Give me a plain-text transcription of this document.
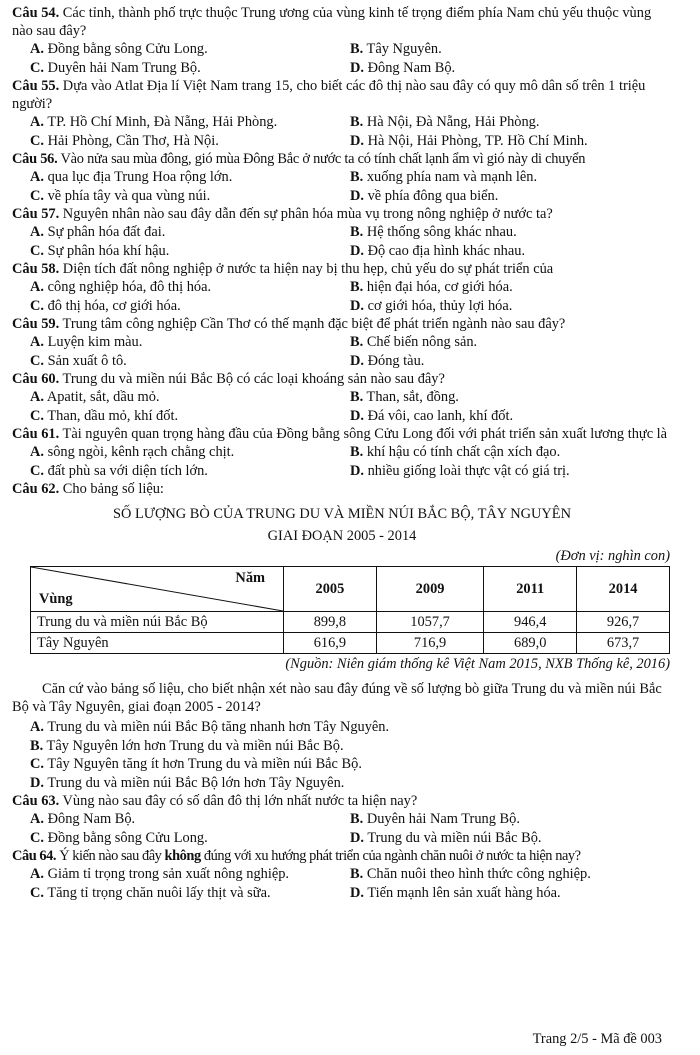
Câu 54. Các tỉnh, thành phố trực thuộc Trung ương của vùng kinh tế trọng điểm phía Nam chủ yếu thuộc vùng nào sau đây?

A. Đồng bằng sông Cửu Long.	B. Tây Nguyên.
C. Duyên hải Nam Trung Bộ.	D. Đông Nam Bộ.

Câu 55. Dựa vào Atlat Địa lí Việt Nam trang 15, cho biết các đô thị nào sau đây có quy mô dân số trên 1 triệu người?

A. TP. Hồ Chí Minh, Đà Nẵng, Hải Phòng.	B. Hà Nội, Đà Nẵng, Hải Phòng.
C. Hải Phòng, Cần Thơ, Hà Nội.	D. Hà Nội, Hải Phòng, TP. Hồ Chí Minh.

Câu 56. Vào nửa sau mùa đông, gió mùa Đông Bắc ở nước ta có tính chất lạnh ẩm vì gió này di chuyển

A. qua lục địa Trung Hoa rộng lớn.	B. xuống phía nam và mạnh lên.
C. về phía tây và qua vùng núi.	D. về phía đông qua biển.

Câu 57. Nguyên nhân nào sau đây dẫn đến sự phân hóa mùa vụ trong nông nghiệp ở nước ta?

A. Sự phân hóa đất đai.	B. Hệ thống sông khác nhau.
C. Sự phân hóa khí hậu.	D. Độ cao địa hình khác nhau.

Câu 58. Diện tích đất nông nghiệp ở nước ta hiện nay bị thu hẹp, chủ yếu do sự phát triển của

A. công nghiệp hóa, đô thị hóa.	B. hiện đại hóa, cơ giới hóa.
C. đô thị hóa, cơ giới hóa.	D. cơ giới hóa, thủy lợi hóa.

Câu 59. Trung tâm công nghiệp Cần Thơ có thế mạnh đặc biệt để phát triển ngành nào sau đây?

A. Luyện kim màu.	B. Chế biến nông sản.
C. Sản xuất ô tô.	D. Đóng tàu.

Câu 60. Trung du và miền núi Bắc Bộ có các loại khoáng sản nào sau đây?

A. Apatit, sắt, dầu mỏ.	B. Than, sắt, đồng.
C. Than, dầu mỏ, khí đốt.	D. Đá vôi, cao lanh, khí đốt.

Câu 61. Tài nguyên quan trọng hàng đầu của Đồng bằng sông Cửu Long đối với phát triển sản xuất lương thực là

A. sông ngòi, kênh rạch chằng chịt.	B. khí hậu có tính chất cận xích đạo.
C. đất phù sa với diện tích lớn.	D. nhiều giống loài thực vật có giá trị.

Câu 62. Cho bảng số liệu:

SỐ LƯỢNG BÒ CỦA TRUNG DU VÀ MIỀN NÚI BẮC BỘ, TÂY NGUYÊN
GIAI ĐOẠN 2005 - 2014
(Đơn vị: nghìn con)
Năm
Vùng	2005	2009	2011	2014
Trung du và miền núi Bắc Bộ	899,8	1057,7	946,4	926,7
Tây Nguyên	616,9	716,9	689,0	673,7
(Nguồn: Niên giám thống kê Việt Nam 2015, NXB Thống kê, 2016)

Căn cứ vào bảng số liệu, cho biết nhận xét nào sau đây đúng về số lượng bò giữa Trung du và miền núi Bắc Bộ và Tây Nguyên, giai đoạn 2005 - 2014?

A. Trung du và miền núi Bắc Bộ tăng nhanh hơn Tây Nguyên.
B. Tây Nguyên lớn hơn Trung du và miền núi Bắc Bộ.
C. Tây Nguyên tăng ít hơn Trung du và miền núi Bắc Bộ.
D. Trung du và miền núi Bắc Bộ lớn hơn Tây Nguyên.

Câu 63. Vùng nào sau đây có số dân đô thị lớn nhất nước ta hiện nay?

A. Đông Nam Bộ.	B. Duyên hải Nam Trung Bộ.
C. Đồng bằng sông Cửu Long.	D. Trung du và miền núi Bắc Bộ.

Câu 64. Ý kiến nào sau đây không đúng với xu hướng phát triển của ngành chăn nuôi ở nước ta hiện nay?

A. Giảm tỉ trọng trong sản xuất nông nghiệp.	B. Chăn nuôi theo hình thức công nghiệp.
C. Tăng tỉ trọng chăn nuôi lấy thịt và sữa.	D. Tiến mạnh lên sản xuất hàng hóa.
Trang 2/5 - Mã đề 003
